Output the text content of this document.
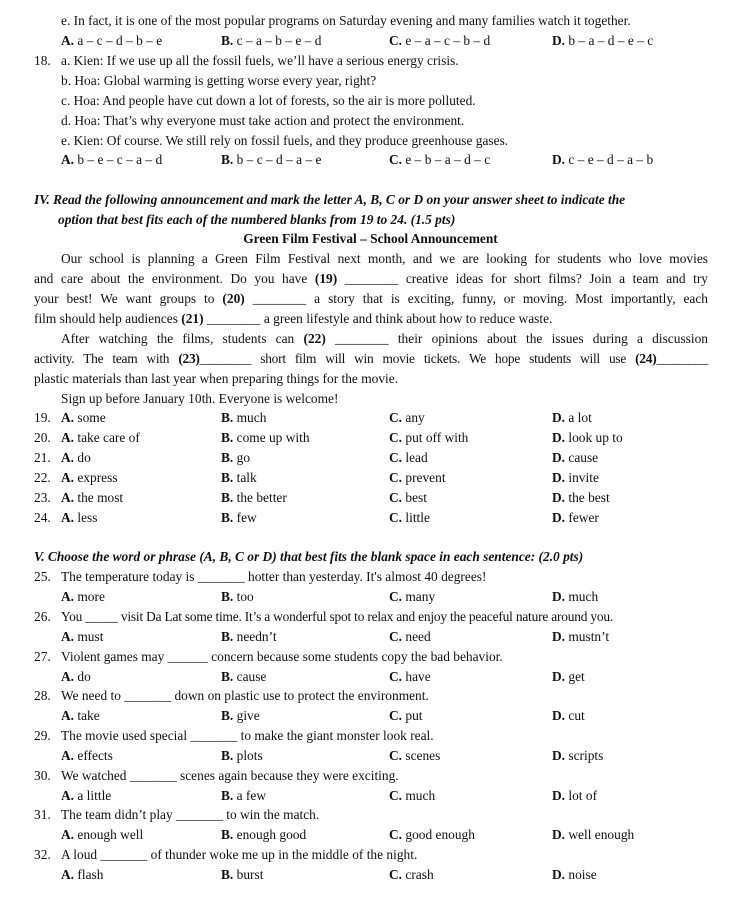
e. In fact, it is one of the most popular programs on Saturday evening and many families watch it together.
A. a – c – d – b – e	B. c – a – b – e – d	C. e – a – c – b – d	D. b – a – d – e – c
18. a. Kien: If we use up all the fossil fuels, we’ll have a serious energy crisis.
b. Hoa: Global warming is getting worse every year, right?
c. Hoa: And people have cut down a lot of forests, so the air is more polluted.
d. Hoa: That’s why everyone must take action and protect the environment.
e. Kien: Of course. We still rely on fossil fuels, and they produce greenhouse gases.
A. b – e – c – a – d	B. b – c – d – a – e	C. e – b – a – d – c	D. c – e – d – a – b
IV. Read the following announcement and mark the letter A, B, C or D on your answer sheet to indicate the
option that best fits each of the numbered blanks from 19 to 24. (1.5 pts)
Green Film Festival – School Announcement
Our school is planning a Green Film Festival next month, and we are looking for students who love movies
and care about the environment. Do you have (19) ________ creative ideas for short films? Join a team and try
your best! We want groups to (20) ________ a story that is exciting, funny, or moving. Most importantly, each
film should help audiences (21) ________ a green lifestyle and think about how to reduce waste.
After watching the films, students can (22) ________ their opinions about the issues during a discussion
activity. The team with (23)________ short film will win movie tickets. We hope students will use (24)________
plastic materials than last year when preparing things for the movie.
Sign up before January 10th. Everyone is welcome!
19. A. some	B. much	C. any	D. a lot
20. A. take care of	B. come up with	C. put off with	D. look up to
21. A. do	B. go	C. lead	D. cause
22. A. express	B. talk	C. prevent	D. invite
23. A. the most	B. the better	C. best	D. the best
24. A. less	B. few	C. little	D. fewer
V. Choose the word or phrase (A, B, C or D) that best fits the blank space in each sentence: (2.0 pts)
25. The temperature today is _______ hotter than yesterday. It's almost 40 degrees!
A. more	B. too	C. many	D. much
26. You _____ visit Da Lat some time. It’s a wonderful spot to relax and enjoy the peaceful nature around you.
A. must	B. needn’t	C. need	D. mustn’t
27. Violent games may ______ concern because some students copy the bad behavior.
A. do	B. cause	C. have	D. get
28. We need to _______ down on plastic use to protect the environment.
A. take	B. give	C. put	D. cut
29. The movie used special _______ to make the giant monster look real.
A. effects	B. plots	C. scenes	D. scripts
30. We watched _______ scenes again because they were exciting.
A. a little	B. a few	C. much	D. lot of
31. The team didn’t play _______ to win the match.
A. enough well	B. enough good	C. good enough	D. well enough
32. A loud _______ of thunder woke me up in the middle of the night.
A. flash	B. burst	C. crash	D. noise
